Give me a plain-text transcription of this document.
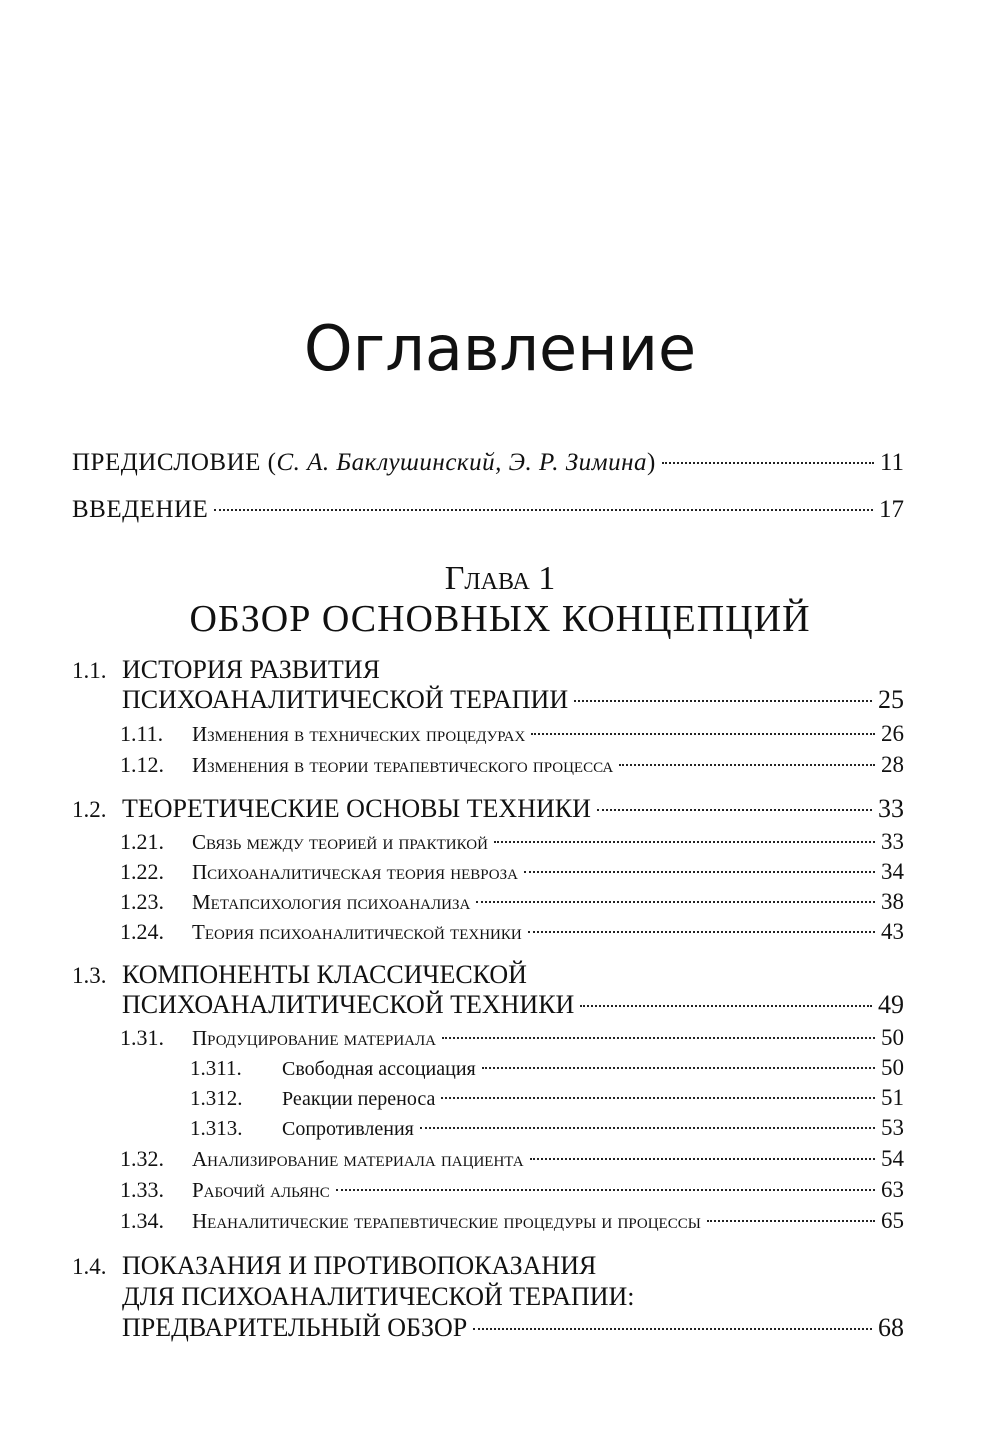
Оглавление
ПРЕДИСЛОВИЕ (С. А. Баклушинский, Э. Р. Зимина)	11
ВВЕДЕНИЕ	17
Глава 1
ОБЗОР ОСНОВНЫХ КОНЦЕПЦИЙ
1.1. ИСТОРИЯ РАЗВИТИЯ
ПСИХОАНАЛИТИЧЕСКОЙ ТЕРАПИИ	25
1.11.	Изменения в технических процедурах	26
1.12.	Изменения в теории терапевтического процесса	28
1.2. ТЕОРЕТИЧЕСКИЕ ОСНОВЫ ТЕХНИКИ	33
1.21.	Связь между теорией и практикой	33
1.22.	Психоаналитическая теория невроза	34
1.23.	Метапсихология психоанализа	38
1.24.	Теория психоаналитической техники	43
1.3. КОМПОНЕНТЫ КЛАССИЧЕСКОЙ
ПСИХОАНАЛИТИЧЕСКОЙ ТЕХНИКИ	49
1.31.	Продуцирование материала	50
1.311.	Свободная ассоциация	50
1.312.	Реакции переноса	51
1.313.	Сопротивления	53
1.32.	Анализирование материала пациента	54
1.33.	Рабочий альянс	63
1.34.	Неаналитические терапевтические процедуры и процессы	65
1.4. ПОКАЗАНИЯ И ПРОТИВОПОКАЗАНИЯ
ДЛЯ ПСИХОАНАЛИТИЧЕСКОЙ ТЕРАПИИ:
ПРЕДВАРИТЕЛЬНЫЙ ОБЗОР	68
